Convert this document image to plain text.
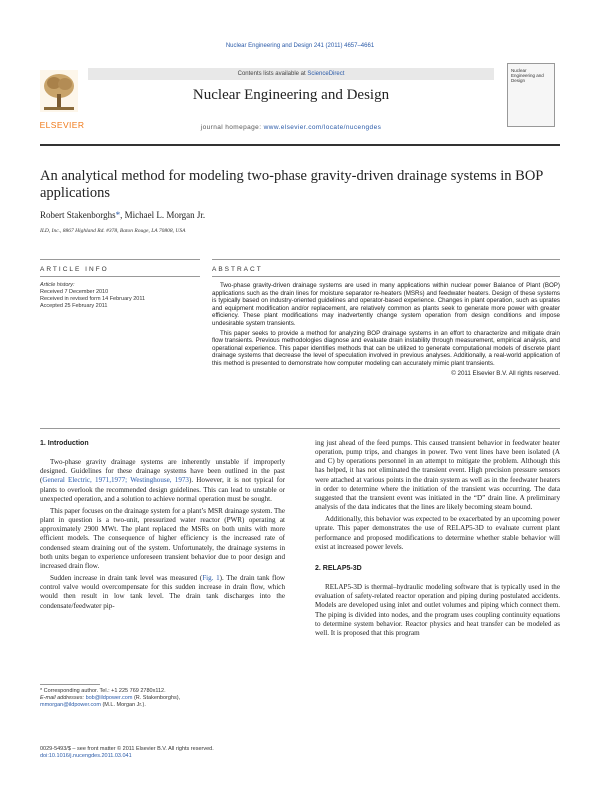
Nuclear Engineering and Design 241 (2011) 4657–4661
ELSEVIER
Contents lists available at ScienceDirect
Nuclear Engineering and Design
journal homepage: www.elsevier.com/locate/nucengdes
Nuclear Engineering and Design
An analytical method for modeling two-phase gravity-driven drainage systems in BOP applications
Robert Stakenborghs*, Michael L. Morgan Jr.
ILD, Inc., 8867 Highland Rd. #378, Baton Rouge, LA 70808, USA
ARTICLE INFO	ABSTRACT
Article history:
Received 7 December 2010
Received in revised form 14 February 2011
Accepted 25 February 2011

Two-phase gravity-driven drainage systems are used in many applications within nuclear power Balance of Plant (BOP) applications such as the drain lines for moisture separator re-heaters (MSRs) and feedwater heaters. Design of these systems is typically based on industry-oriented guidelines and operator-based experience. Changes in plant operation, such as uprates and equipment modification and/or replacement, are relatively common as plants seek to generate more power with greater efficiency. These plant modifications may inadvertently change system operation from design conditions and impose undesirable system transients.

This paper seeks to provide a method for analyzing BOP drainage systems in an effort to characterize and mitigate drain flow transients. Previous methodologies diagnose and evaluate drain instability through measurement, empirical analysis, and operational experience. This paper identifies methods that can be utilized to generate computational models of discrete plant drainage systems that decrease the level of speculation involved in previous analyses. Additionally, a real-world application of this method is presented to demonstrate how computer modeling can accurately mimic plant transients.

© 2011 Elsevier B.V. All rights reserved.

1. Introduction

Two-phase gravity drainage systems are inherently unstable if improperly designed. Guidelines for these drainage systems have been outlined in the past (General Electric, 1971,1977; Westinghouse, 1973). However, it is not typical for plants to overlook the recommended design guidelines. This can lead to unstable or unexpected operation, and a solution to achieve normal operation must be sought.

This paper focuses on the drainage system for a plant’s MSR drainage system. The plant in question is a two-unit, pressurized water reactor (PWR) operating at approximately 2900 MWt. The plant replaced the MSRs on both units with more efficient models. The consequence of higher efficiency is the increased rate of condensed steam draining out of the system. Unfortunately, the drainage systems in both units began to experience unforeseen transient behavior due to poor design and increased drain flow.

Sudden increase in drain tank level was measured (Fig. 1). The drain tank flow control valve would overcompensate for this sudden increase in drain flow, which would then result in low tank level. The drain tank discharges into the condensate/feedwater pip-

ing just ahead of the feed pumps. This caused transient behavior in feedwater heater operation, pump trips, and changes in power. Two vent lines have been isolated (A and C) by operations personnel in an attempt to mitigate the problem. Although this has helped, it has not eliminated the transient event. High precision pressure sensors were attached at various points in the drain system as well as in the feedwater heaters in order to determine where the initiation of the transient was occurring. The data suggested that the transient event was initiated in the “D” drain line. A preliminary analysis of the data indicates that the lines are likely becoming steam bound.

Additionally, this behavior was expected to be exacerbated by an upcoming power uprate. This paper demonstrates the use of RELAP5-3D to evaluate current plant performance and proposed modifications to determine whether stable behavior will exist at increased power levels.

2. RELAP5-3D

RELAP5-3D is thermal–hydraulic modeling software that is typically used in the evaluation of safety-related reactor operation and piping during postulated accidents. Models are developed using inlet and outlet volumes and piping which connect them. The piping is divided into nodes, and the program uses coupling continuity equations to determine system behavior. Reactor physics and heat transfer can be modeled as well. It is proposed that this program

* Corresponding author. Tel.: +1 225 769 2780x112.
E-mail addresses: bob@ildpower.com (R. Stakenborghs),
mmorgan@ildpower.com (M.L. Morgan Jr.).
0029-5493/$ – see front matter © 2011 Elsevier B.V. All rights reserved.
doi:10.1016/j.nucengdes.2011.03.041
